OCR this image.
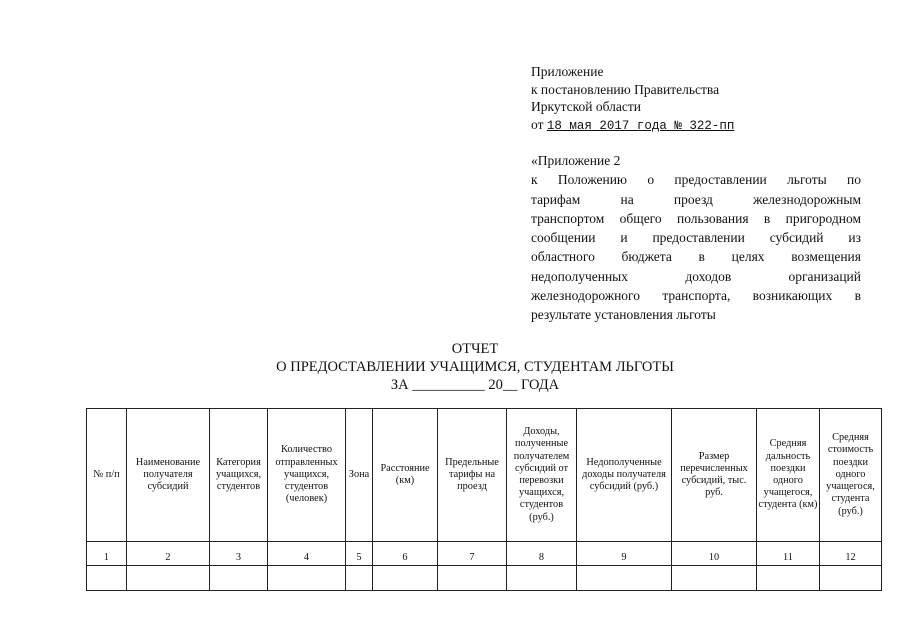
Приложение
к постановлению Правительства
Иркутской области
от 18 мая 2017 года № 322-пп
«Приложение 2
к Положению о предоставлении льготы по
тарифам на проезд железнодорожным
транспортом общего пользования в пригородном
сообщении и предоставлении субсидий из
областного бюджета в целях возмещения
недополученных доходов организаций
железнодорожного транспорта, возникающих в
результате установления льготы
ОТЧЕТ
О ПРЕДОСТАВЛЕНИИ УЧАЩИМСЯ, СТУДЕНТАМ ЛЬГОТЫ
ЗА __________ 20__ ГОДА
№ п/п	Наименование получателя субсидий	Категория учащихся, студентов	Количество отправленных учащихся, студентов (человек)	Зона	Расстояние (км)	Предельные тарифы на проезд	Доходы, полученные получателем субсидий от перевозки учащихся, студентов (руб.)	Недополученные доходы получателя субсидий (руб.)	Размер перечисленных субсидий, тыс. руб.	Средняя дальность поездки одного учащегося, студента (км)	Средняя стоимость поездки одного учащегося, студента (руб.)
1	2	3	4	5	6	7	8	9	10	11	12
